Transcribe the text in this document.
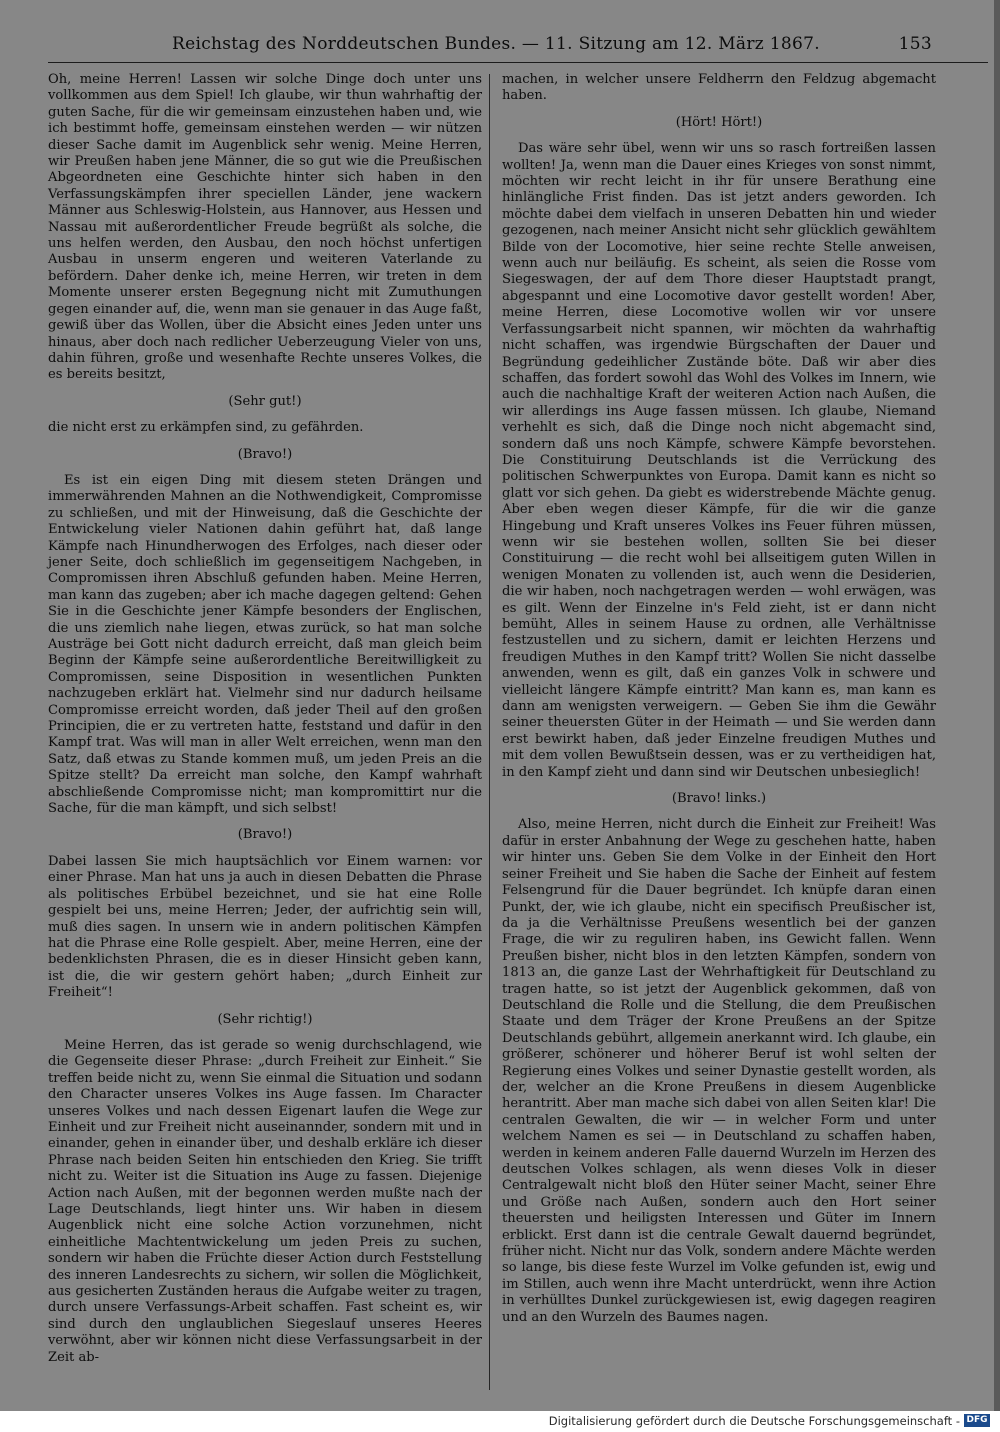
Reichstag des Norddeutschen Bundes. — 11. Sitzung am 12. März 1867.	153

Oh, meine Herren! Lassen wir solche Dinge doch unter uns vollkommen aus dem Spiel! Ich glaube, wir thun wahrhaftig der guten Sache, für die wir gemeinsam einzustehen haben und, wie ich bestimmt hoffe, gemeinsam einstehen werden — wir nützen dieser Sache damit im Augenblick sehr wenig. Meine Herren, wir Preußen haben jene Männer, die so gut wie die Preußischen Abgeordneten eine Geschichte hinter sich haben in den Verfassungskämpfen ihrer speciellen Länder, jene wackern Männer aus Schleswig-Holstein, aus Hannover, aus Hessen und Nassau mit außerordentlicher Freude begrüßt als solche, die uns helfen werden, den Ausbau, den noch höchst unfertigen Ausbau in unserm engeren und weiteren Vaterlande zu befördern. Daher denke ich, meine Herren, wir treten in dem Momente unserer ersten Begegnung nicht mit Zumuthungen gegen einander auf, die, wenn man sie genauer in das Auge faßt, gewiß über das Wollen, über die Absicht eines Jeden unter uns hinaus, aber doch nach redlicher Ueberzeugung Vieler von uns, dahin führen, große und wesenhafte Rechte unseres Volkes, die es bereits besitzt,

(Sehr gut!)

die nicht erst zu erkämpfen sind, zu gefährden.

(Bravo!)

Es ist ein eigen Ding mit diesem steten Drängen und immerwährenden Mahnen an die Nothwendigkeit, Compromisse zu schließen, und mit der Hinweisung, daß die Geschichte der Entwickelung vieler Nationen dahin geführt hat, daß lange Kämpfe nach Hinundherwogen des Erfolges, nach dieser oder jener Seite, doch schließlich im gegenseitigem Nachgeben, in Compromissen ihren Abschluß gefunden haben. Meine Herren, man kann das zugeben; aber ich mache dagegen geltend: Gehen Sie in die Geschichte jener Kämpfe besonders der Englischen, die uns ziemlich nahe liegen, etwas zurück, so hat man solche Austräge bei Gott nicht dadurch erreicht, daß man gleich beim Beginn der Kämpfe seine außerordentliche Bereitwilligkeit zu Compromissen, seine Disposition in wesentlichen Punkten nachzugeben erklärt hat. Vielmehr sind nur dadurch heilsame Compromisse erreicht worden, daß jeder Theil auf den großen Principien, die er zu vertreten hatte, feststand und dafür in den Kampf trat. Was will man in aller Welt erreichen, wenn man den Satz, daß etwas zu Stande kommen muß, um jeden Preis an die Spitze stellt? Da erreicht man solche, den Kampf wahrhaft abschließende Compromisse nicht; man kompromittirt nur die Sache, für die man kämpft, und sich selbst!

(Bravo!)

Dabei lassen Sie mich hauptsächlich vor Einem warnen: vor einer Phrase. Man hat uns ja auch in diesen Debatten die Phrase als politisches Erbübel bezeichnet, und sie hat eine Rolle gespielt bei uns, meine Herren; Jeder, der aufrichtig sein will, muß dies sagen. In unsern wie in andern politischen Kämpfen hat die Phrase eine Rolle gespielt. Aber, meine Herren, eine der bedenklichsten Phrasen, die es in dieser Hinsicht geben kann, ist die, die wir gestern gehört haben; „durch Einheit zur Freiheit“!

(Sehr richtig!)

Meine Herren, das ist gerade so wenig durchschlagend, wie die Gegenseite dieser Phrase: „durch Freiheit zur Einheit.“ Sie treffen beide nicht zu, wenn Sie einmal die Situation und sodann den Character unseres Volkes ins Auge fassen. Im Character unseres Volkes und nach dessen Eigenart laufen die Wege zur Einheit und zur Freiheit nicht auseinannder, sondern mit und in einander, gehen in einander über, und deshalb erkläre ich dieser Phrase nach beiden Seiten hin entschieden den Krieg. Sie trifft nicht zu. Weiter ist die Situation ins Auge zu fassen. Diejenige Action nach Außen, mit der begonnen werden mußte nach der Lage Deutschlands, liegt hinter uns. Wir haben in diesem Augenblick nicht eine solche Action vorzunehmen, nicht einheitliche Machtentwickelung um jeden Preis zu suchen, sondern wir haben die Früchte dieser Action durch Feststellung des inneren Landesrechts zu sichern, wir sollen die Möglichkeit, aus gesicherten Zuständen heraus die Aufgabe weiter zu tragen, durch unsere Verfassungs-Arbeit schaffen. Fast scheint es, wir sind durch den unglaublichen Siegeslauf unseres Heeres verwöhnt, aber wir können nicht diese Verfassungsarbeit in der Zeit ab-

machen, in welcher unsere Feldherrn den Feldzug abgemacht haben.

(Hört! Hört!)

Das wäre sehr übel, wenn wir uns so rasch fortreißen lassen wollten! Ja, wenn man die Dauer eines Krieges von sonst nimmt, möchten wir recht leicht in ihr für unsere Berathung eine hinlängliche Frist finden. Das ist jetzt anders geworden. Ich möchte dabei dem vielfach in unseren Debatten hin und wieder gezogenen, nach meiner Ansicht nicht sehr glücklich gewähltem Bilde von der Locomotive, hier seine rechte Stelle anweisen, wenn auch nur beiläufig. Es scheint, als seien die Rosse vom Siegeswagen, der auf dem Thore dieser Hauptstadt prangt, abgespannt und eine Locomotive davor gestellt worden! Aber, meine Herren, diese Locomotive wollen wir vor unsere Verfassungsarbeit nicht spannen, wir möchten da wahrhaftig nicht schaffen, was irgendwie Bürgschaften der Dauer und Begründung gedeihlicher Zustände böte. Daß wir aber dies schaffen, das fordert sowohl das Wohl des Volkes im Innern, wie auch die nachhaltige Kraft der weiteren Action nach Außen, die wir allerdings ins Auge fassen müssen. Ich glaube, Niemand verhehlt es sich, daß die Dinge noch nicht abgemacht sind, sondern daß uns noch Kämpfe, schwere Kämpfe bevorstehen. Die Constituirung Deutschlands ist die Verrückung des politischen Schwerpunktes von Europa. Damit kann es nicht so glatt vor sich gehen. Da giebt es widerstrebende Mächte genug. Aber eben wegen dieser Kämpfe, für die wir die ganze Hingebung und Kraft unseres Volkes ins Feuer führen müssen, wenn wir sie bestehen wollen, sollten Sie bei dieser Constituirung — die recht wohl bei allseitigem guten Willen in wenigen Monaten zu vollenden ist, auch wenn die Desiderien, die wir haben, noch nachgetragen werden — wohl erwägen, was es gilt. Wenn der Einzelne in's Feld zieht, ist er dann nicht bemüht, Alles in seinem Hause zu ordnen, alle Verhältnisse festzustellen und zu sichern, damit er leichten Herzens und freudigen Muthes in den Kampf tritt? Wollen Sie nicht dasselbe anwenden, wenn es gilt, daß ein ganzes Volk in schwere und vielleicht längere Kämpfe eintritt? Man kann es, man kann es dann am wenigsten verweigern. — Geben Sie ihm die Gewähr seiner theuersten Güter in der Heimath — und Sie werden dann erst bewirkt haben, daß jeder Einzelne freudigen Muthes und mit dem vollen Bewußtsein dessen, was er zu vertheidigen hat, in den Kampf zieht und dann sind wir Deutschen unbesieglich!

(Bravo! links.)

Also, meine Herren, nicht durch die Einheit zur Freiheit! Was dafür in erster Anbahnung der Wege zu geschehen hatte, haben wir hinter uns. Geben Sie dem Volke in der Einheit den Hort seiner Freiheit und Sie haben die Sache der Einheit auf festem Felsengrund für die Dauer begründet. Ich knüpfe daran einen Punkt, der, wie ich glaube, nicht ein specifisch Preußischer ist, da ja die Verhältnisse Preußens wesentlich bei der ganzen Frage, die wir zu reguliren haben, ins Gewicht fallen. Wenn Preußen bisher, nicht blos in den letzten Kämpfen, sondern von 1813 an, die ganze Last der Wehrhaftigkeit für Deutschland zu tragen hatte, so ist jetzt der Augenblick gekommen, daß von Deutschland die Rolle und die Stellung, die dem Preußischen Staate und dem Träger der Krone Preußens an der Spitze Deutschlands gebührt, allgemein anerkannt wird. Ich glaube, ein größerer, schönerer und höherer Beruf ist wohl selten der Regierung eines Volkes und seiner Dynastie gestellt worden, als der, welcher an die Krone Preußens in diesem Augenblicke herantritt. Aber man mache sich dabei von allen Seiten klar! Die centralen Gewalten, die wir — in welcher Form und unter welchem Namen es sei — in Deutschland zu schaffen haben, werden in keinem anderen Falle dauernd Wurzeln im Herzen des deutschen Volkes schlagen, als wenn dieses Volk in dieser Centralgewalt nicht bloß den Hüter seiner Macht, seiner Ehre und Größe nach Außen, sondern auch den Hort seiner theuersten und heiligsten Interessen und Güter im Innern erblickt. Erst dann ist die centrale Gewalt dauernd begründet, früher nicht. Nicht nur das Volk, sondern andere Mächte werden so lange, bis diese feste Wurzel im Volke gefunden ist, ewig und im Stillen, auch wenn ihre Macht unterdrückt, wenn ihre Action in verhülltes Dunkel zurückgewiesen ist, ewig dagegen reagiren und an den Wurzeln des Baumes nagen.

Digitalisierung gefördert durch die Deutsche Forschungsgemeinschaft - DFG
